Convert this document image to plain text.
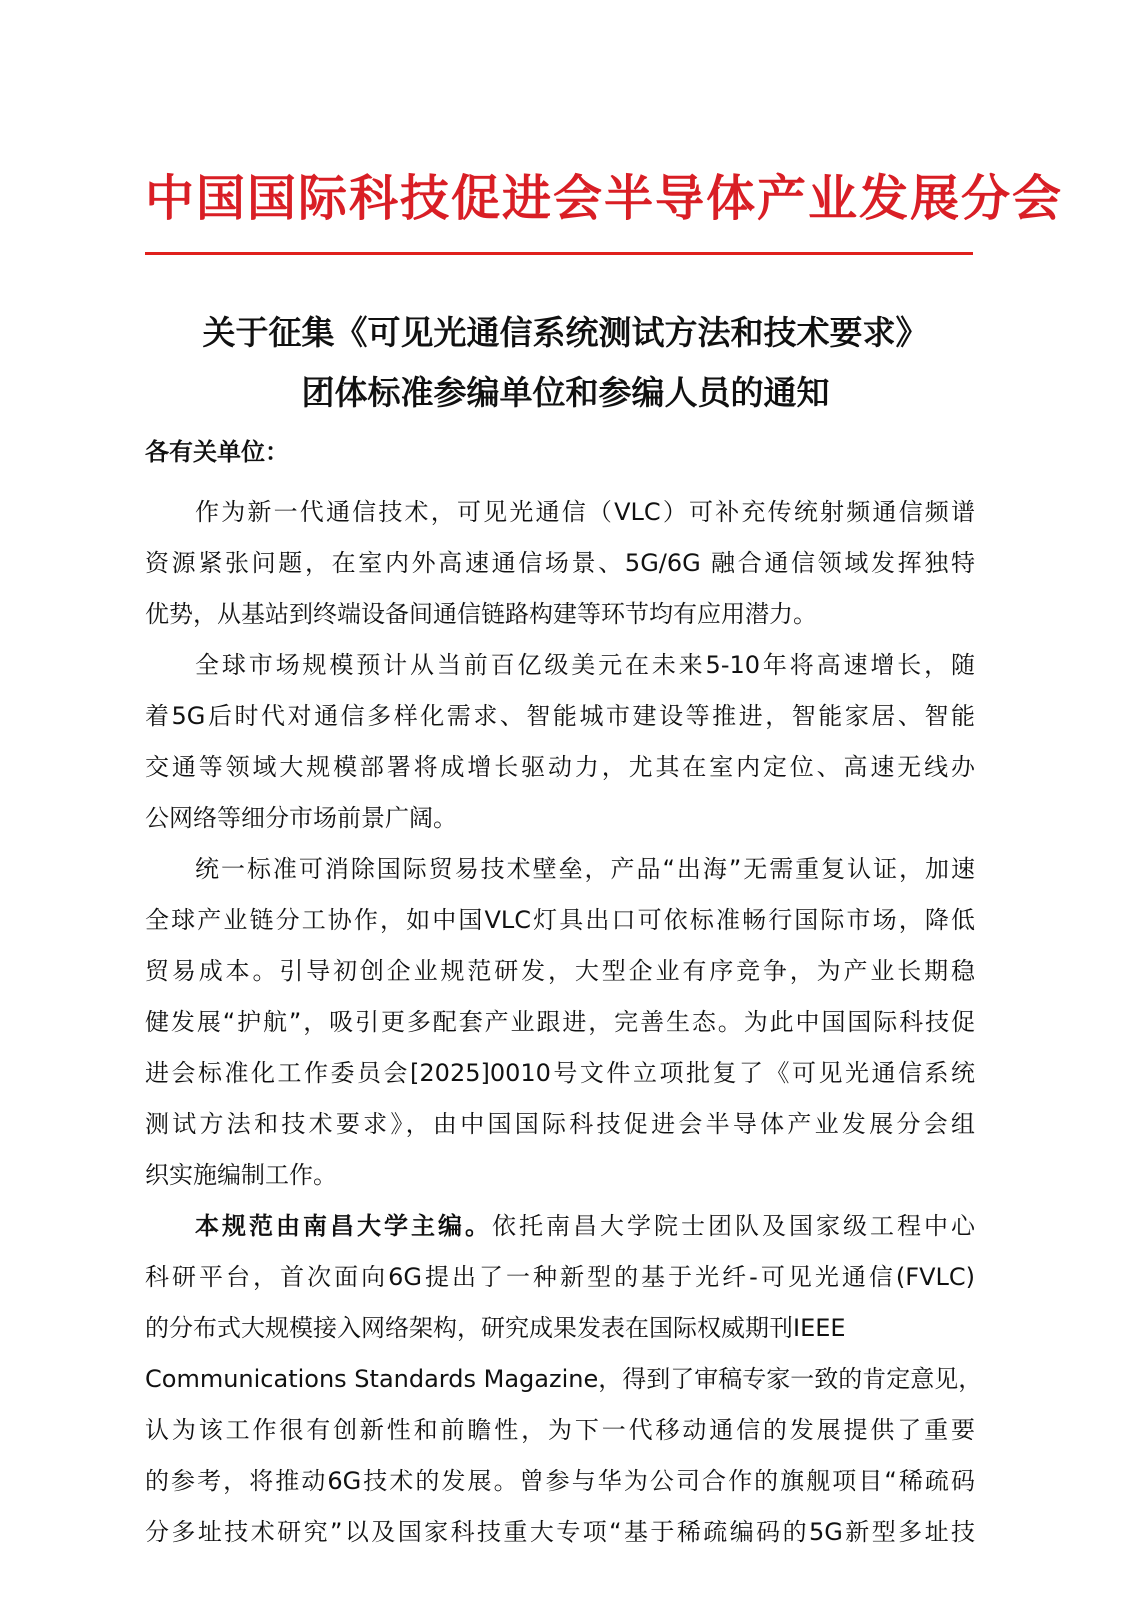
中国国际科技促进会半导体产业发展分会
关于征集《可见光通信系统测试方法和技术要求》
团体标准参编单位和参编人员的通知
各有关单位：
作为新一代通信技术，可见光通信（VLC）可补充传统射频通信频谱
资源紧张问题，在室内外高速通信场景、5G/6G 融合通信领域发挥独特
优势，从基站到终端设备间通信链路构建等环节均有应用潜力。
全球市场规模预计从当前百亿级美元在未来5-10年将高速增长，随
着5G后时代对通信多样化需求、智能城市建设等推进，智能家居、智能
交通等领域大规模部署将成增长驱动力，尤其在室内定位、高速无线办
公网络等细分市场前景广阔。
统一标准可消除国际贸易技术壁垒，产品“出海”无需重复认证，加速
全球产业链分工协作，如中国VLC灯具出口可依标准畅行国际市场，降低
贸易成本。引导初创企业规范研发，大型企业有序竞争，为产业长期稳
健发展“护航”，吸引更多配套产业跟进，完善生态。为此中国国际科技促
进会标准化工作委员会[2025]0010号文件立项批复了《可见光通信系统
测试方法和技术要求》，由中国国际科技促进会半导体产业发展分会组
织实施编制工作。
本规范由南昌大学主编。依托南昌大学院士团队及国家级工程中心
科研平台，首次面向6G提出了一种新型的基于光纤-可见光通信(FVLC)
的分布式大规模接入网络架构，研究成果发表在国际权威期刊IEEE
Communications Standards Magazine，得到了审稿专家一致的肯定意见，
认为该工作很有创新性和前瞻性，为下一代移动通信的发展提供了重要
的参考，将推动6G技术的发展。曾参与华为公司合作的旗舰项目“稀疏码
分多址技术研究”以及国家科技重大专项“基于稀疏编码的5G新型多址技
